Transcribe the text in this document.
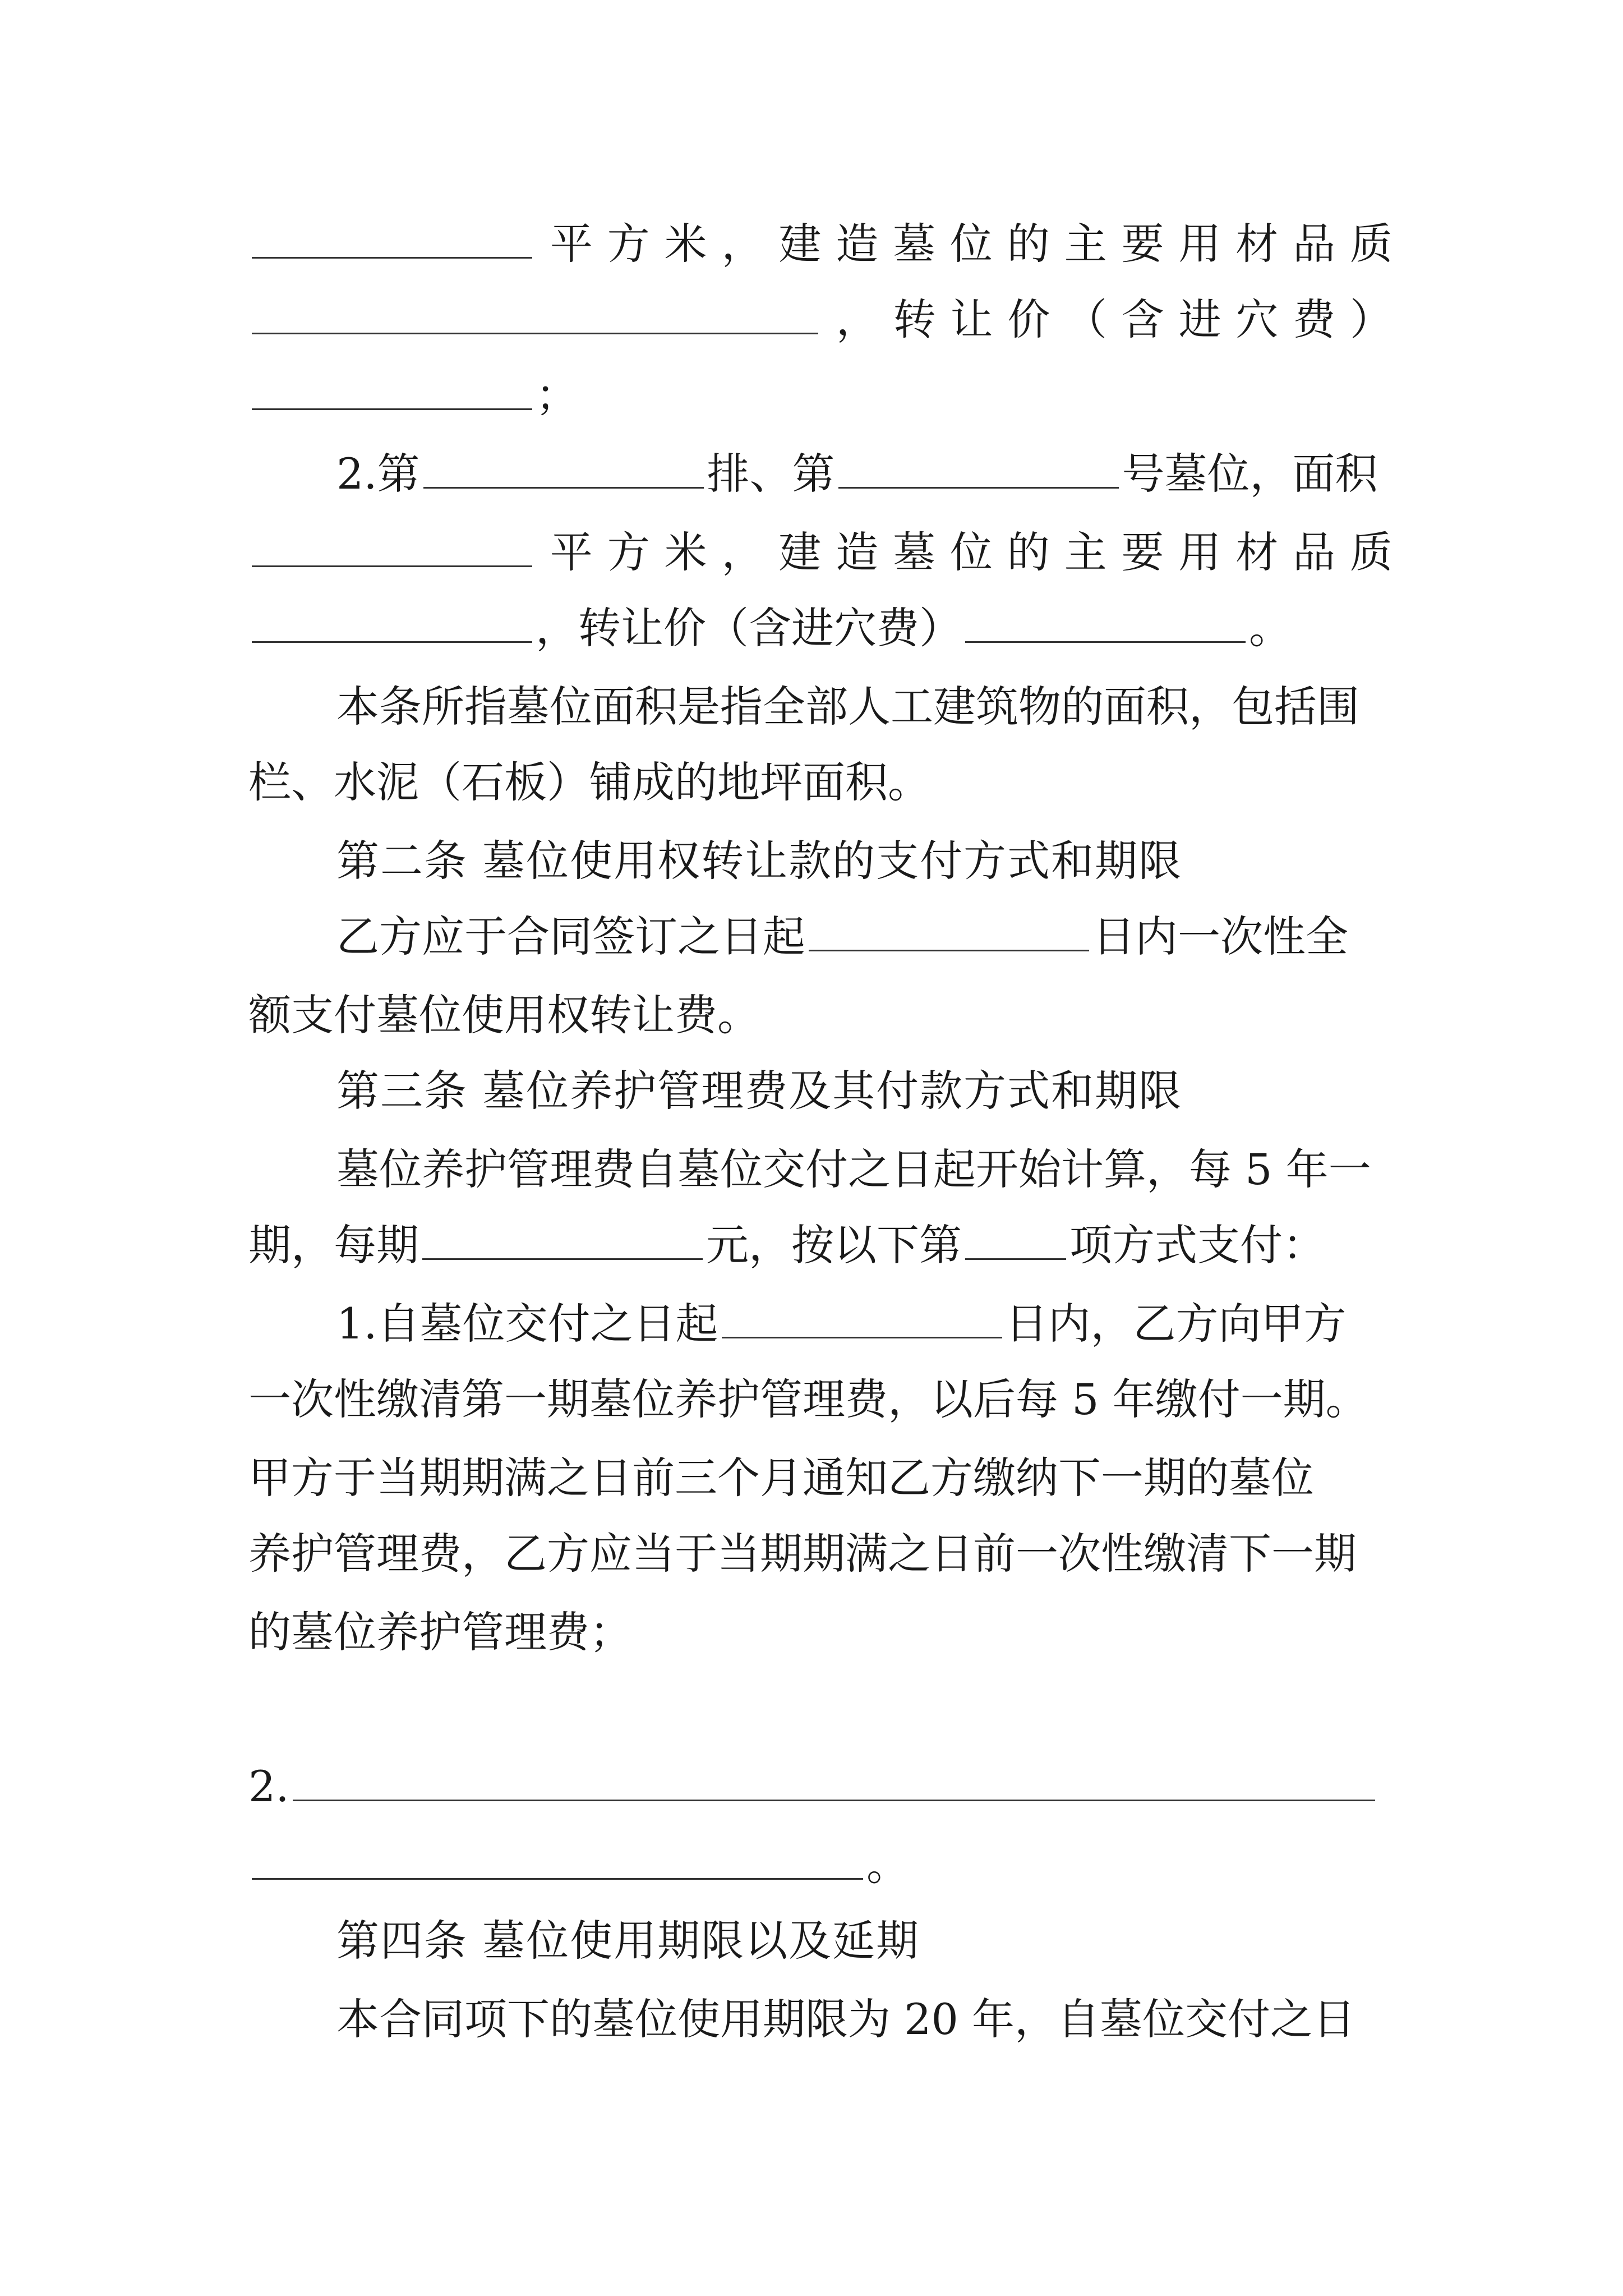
平方米，建造墓位的主要用材品质
，转让价（含进穴费）
；
2.第	排、第	号墓位，面积
平方米，建造墓位的主要用材品质
，转让价（含进穴费）	。
本条所指墓位面积是指全部人工建筑物的面积，包括围
栏、水泥（石板）铺成的地坪面积。
第二条 墓位使用权转让款的支付方式和期限
乙方应于合同签订之日起	日内一次性全
额支付墓位使用权转让费。
第三条 墓位养护管理费及其付款方式和期限
墓位养护管理费自墓位交付之日起开始计算，每 5 年一
期，每期	元，按以下第	项方式支付：
1.自墓位交付之日起	日内，乙方向甲方
一次性缴清第一期墓位养护管理费，以后每 5 年缴付一期。
甲方于当期期满之日前三个月通知乙方缴纳下一期的墓位
养护管理费，乙方应当于当期期满之日前一次性缴清下一期
的墓位养护管理费；
2.
。
第四条 墓位使用期限以及延期
本合同项下的墓位使用期限为 20 年，自墓位交付之日
